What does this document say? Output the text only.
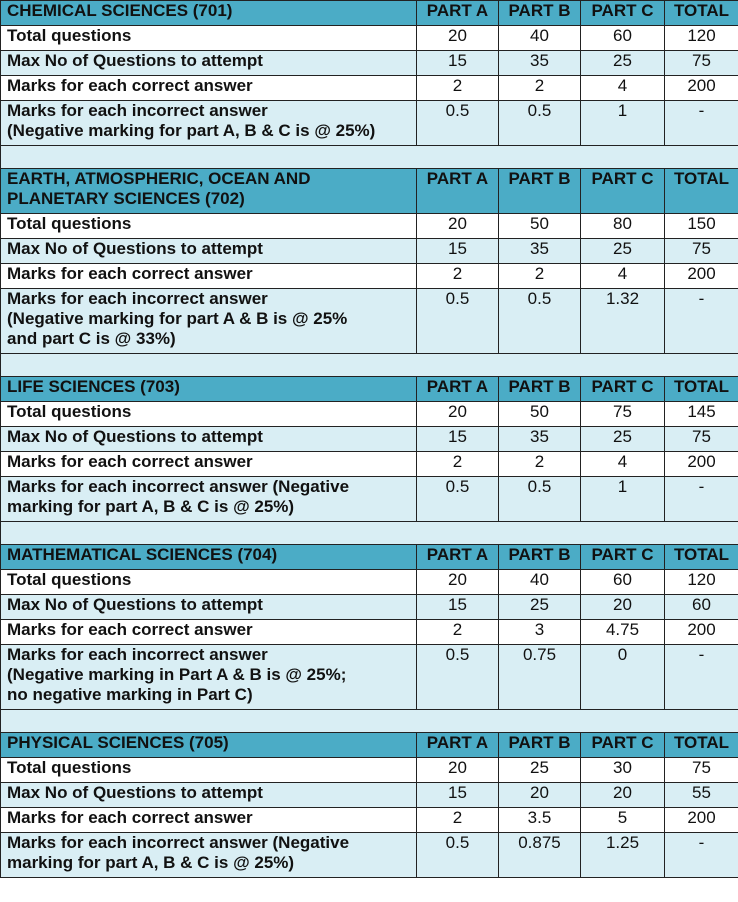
CHEMICAL SCIENCES (701)	PART A	PART B	PART C	TOTAL

Total questions	20	40	60	120

Max No of Questions to attempt	15	35	25	75

Marks for each correct answer	2	2	4	200

Marks for each incorrect answer
(Negative marking for part A, B & C is @ 25%)	0.5	0.5	1	-

EARTH, ATMOSPHERIC, OCEAN AND
PLANETARY SCIENCES (702)	PART A	PART B	PART C	TOTAL

Total questions	20	50	80	150

Max No of Questions to attempt	15	35	25	75

Marks for each correct answer	2	2	4	200

Marks for each incorrect answer
(Negative marking for part A & B is @ 25%
and part C is @ 33%)	0.5	0.5	1.32	-

LIFE SCIENCES (703)	PART A	PART B	PART C	TOTAL

Total questions	20	50	75	145

Max No of Questions to attempt	15	35	25	75

Marks for each correct answer	2	2	4	200

Marks for each incorrect answer (Negative
marking for part A, B & C is @ 25%)	0.5	0.5	1	-

MATHEMATICAL SCIENCES (704)	PART A	PART B	PART C	TOTAL

Total questions	20	40	60	120

Max No of Questions to attempt	15	25	20	60

Marks for each correct answer	2	3	4.75	200

Marks for each incorrect answer
(Negative marking in Part A & B is @ 25%;
no negative marking in Part C)	0.5	0.75	0	-

PHYSICAL SCIENCES (705)	PART A	PART B	PART C	TOTAL

Total questions	20	25	30	75

Max No of Questions to attempt	15	20	20	55

Marks for each correct answer	2	3.5	5	200

Marks for each incorrect answer (Negative
marking for part A, B & C is @ 25%)	0.5	0.875	1.25	-
